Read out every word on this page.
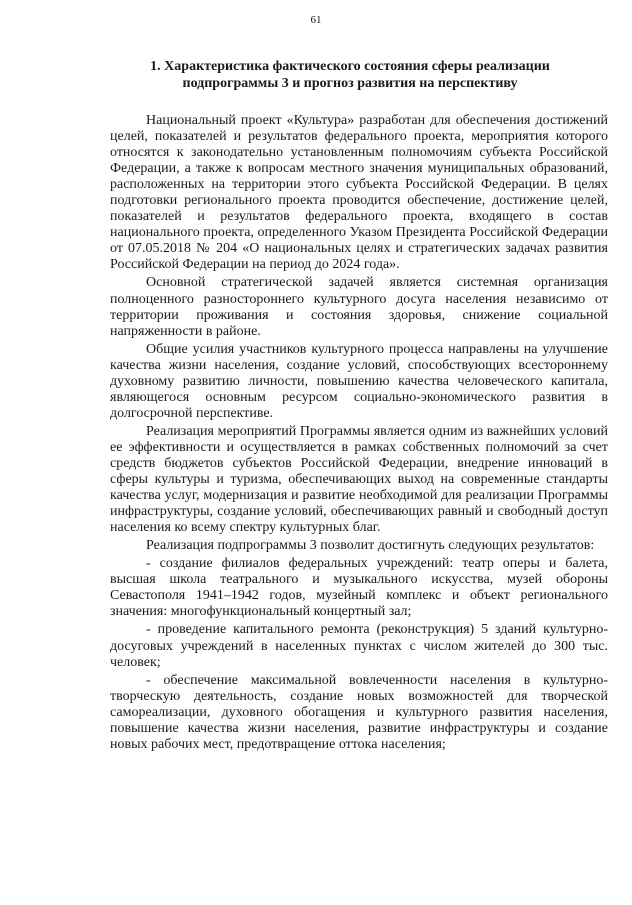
61
1. Характеристика фактического состояния сферы реализации подпрограммы 3 и прогноз развития на перспективу

Национальный проект «Культура» разработан для обеспечения достижений целей, показателей и результатов федерального проекта, мероприятия которого относятся к законодательно установленным полномочиям субъекта Российской Федерации, а также к вопросам местного значения муниципальных образований, расположенных на территории этого субъекта Российской Федерации. В целях подготовки регионального проекта проводится обеспечение, достижение целей, показателей и результатов федерального проекта, входящего в состав национального проекта, определенного Указом Президента Российской Федерации от 07.05.2018 № 204 «О национальных целях и стратегических задачах развития Российской Федерации на период до 2024 года».

Основной стратегической задачей является системная организация полноценного разностороннего культурного досуга населения независимо от территории проживания и состояния здоровья, снижение социальной напряженности в районе.

Общие усилия участников культурного процесса направлены на улучшение качества жизни населения, создание условий, способствующих всестороннему духовному развитию личности, повышению качества человеческого капитала, являющегося основным ресурсом социально-экономического развития в долгосрочной перспективе.

Реализация мероприятий Программы является одним из важнейших условий ее эффективности и осуществляется в рамках собственных полномочий за счет средств бюджетов субъектов Российской Федерации, внедрение инноваций в сферы культуры и туризма, обеспечивающих выход на современные стандарты качества услуг, модернизация и развитие необходимой для реализации Программы инфраструктуры, создание условий, обеспечивающих равный и свободный доступ населения ко всему спектру культурных благ.

Реализация подпрограммы 3 позволит достигнуть следующих результатов:

- создание филиалов федеральных учреждений: театр оперы и балета, высшая школа театрального и музыкального искусства, музей обороны Севастополя 1941–1942 годов, музейный комплекс и объект регионального значения: многофункциональный концертный зал;

- проведение капитального ремонта (реконструкция) 5 зданий культурно-досуговых учреждений в населенных пунктах с числом жителей до 300 тыс. человек;

- обеспечение максимальной вовлеченности населения в культурно-творческую деятельность, создание новых возможностей для творческой самореализации, духовного обогащения и культурного развития населения, повышение качества жизни населения, развитие инфраструктуры и создание новых рабочих мест, предотвращение оттока населения;
